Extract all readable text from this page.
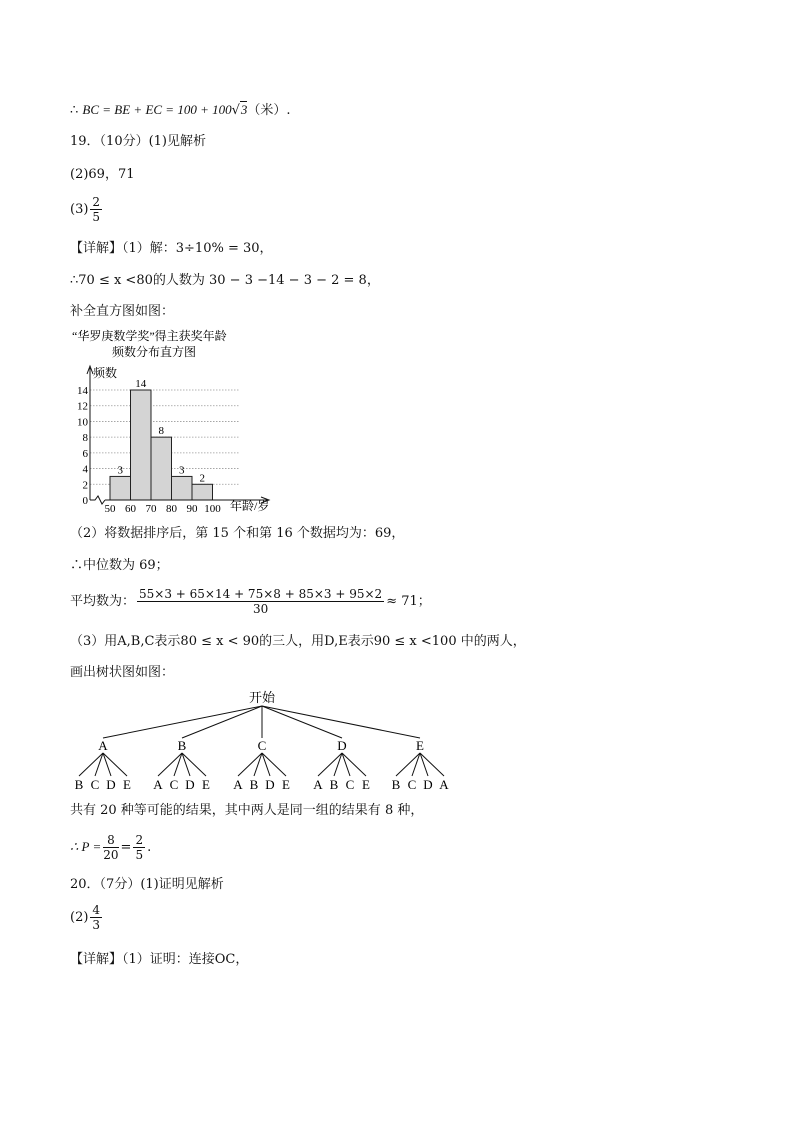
∴ BC = BE + EC = 100 + 100√3（米）.
19．（10分）(1)见解析
(2)69，71
$(3) \frac{2}{5}$
【详解】（1）解：3÷10% = 30，
∴70 ≤ x <80的人数为 30 − 3 −14 − 3 − 2 = 8，
补全直方图如图：
“华罗庚数学奖”得主获奖年龄
频数分布直方图
频数
0
2
4
6
8
10
12
14
50 60 70 80 90 100
3
14
8
3
2
年龄/岁
（2）将数据排序后，第 15 个和第 16 个数据均为：69，
∴中位数为 69；
平均数为： $\frac{55\times 3 + 65\times 14 + 75\times 8 + 85\times 3 + 95\times 2}{30} \approx 71$；
（3）用A,B,C表示80 ≤ x < 90的三人，用D,E表示90 ≤ x <100 中的两人，
画出树状图如图：
开始
A
B C D E
B
A C D E
C
A B D E
D
A B C E
E
B C D A
共有 20 种等可能的结果，其中两人是同一组的结果有 8 种，
∴ $P = \frac{8}{20} = \frac{2}{5}$ .
20．（7分）(1)证明见解析
$(2) \frac{4}{3}$
【详解】（1）证明：连接OC，
